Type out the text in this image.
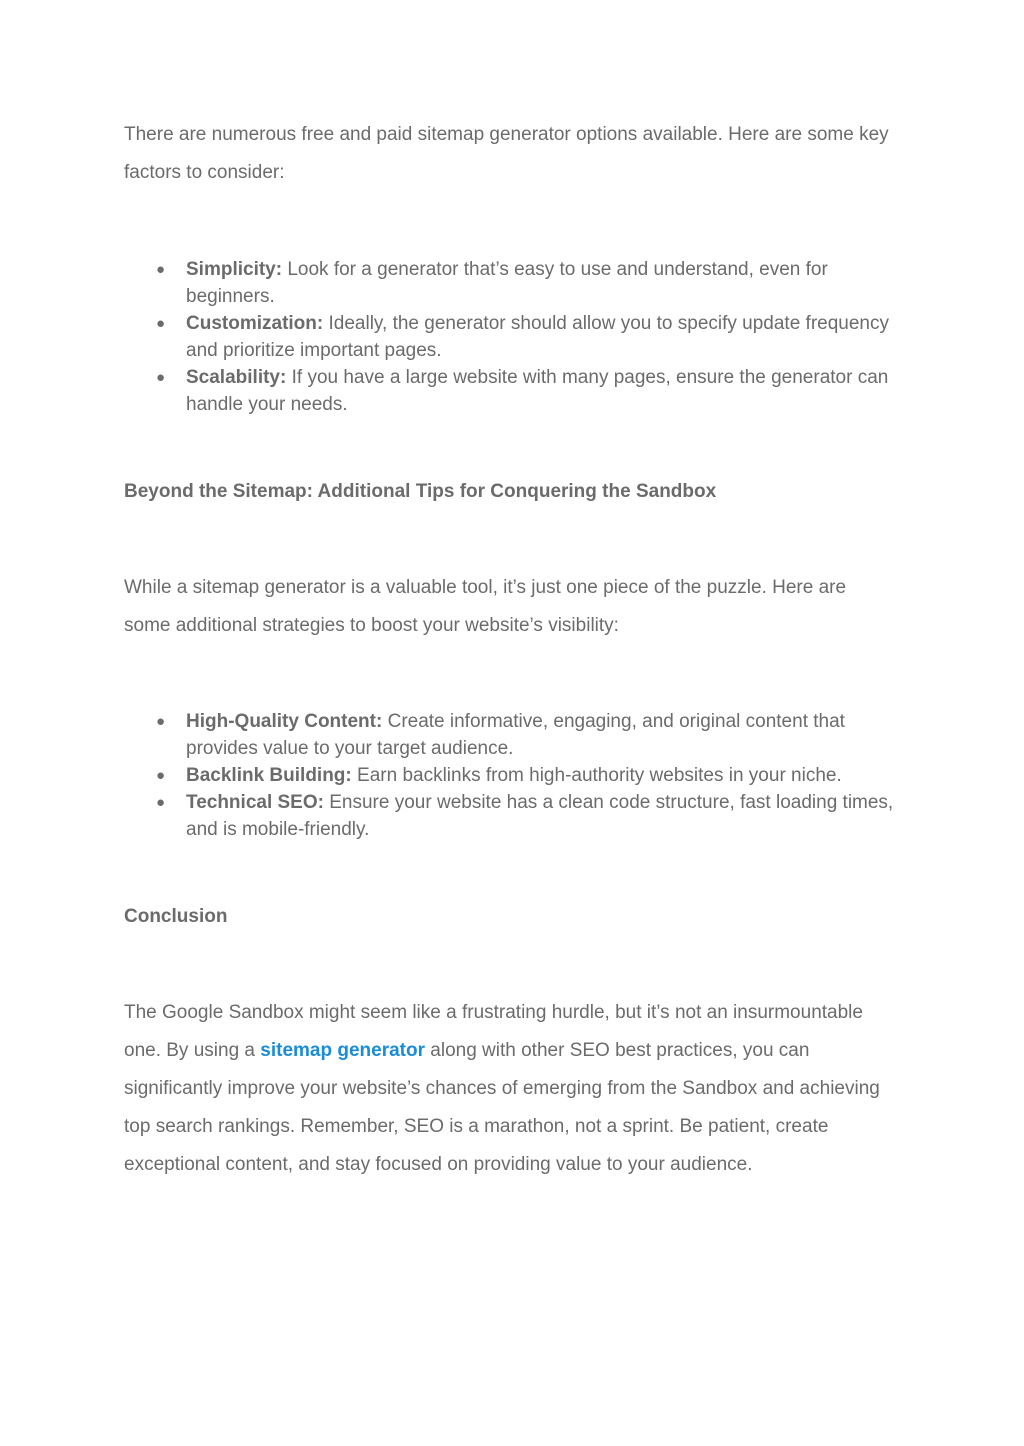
There are numerous free and paid sitemap generator options available. Here are some key factors to consider:

● Simplicity: Look for a generator that’s easy to use and understand, even for beginners.
● Customization: Ideally, the generator should allow you to specify update frequency and prioritize important pages.
● Scalability: If you have a large website with many pages, ensure the generator can handle your needs.
Beyond the Sitemap: Additional Tips for Conquering the Sandbox

While a sitemap generator is a valuable tool, it’s just one piece of the puzzle. Here are some additional strategies to boost your website’s visibility:

● High-Quality Content: Create informative, engaging, and original content that provides value to your target audience.
● Backlink Building: Earn backlinks from high-authority websites in your niche.
● Technical SEO: Ensure your website has a clean code structure, fast loading times, and is mobile-friendly.
Conclusion

The Google Sandbox might seem like a frustrating hurdle, but it’s not an insurmountable one. By using a sitemap generator along with other SEO best practices, you can significantly improve your website’s chances of emerging from the Sandbox and achieving top search rankings. Remember, SEO is a marathon, not a sprint. Be patient, create exceptional content, and stay focused on providing value to your audience.
